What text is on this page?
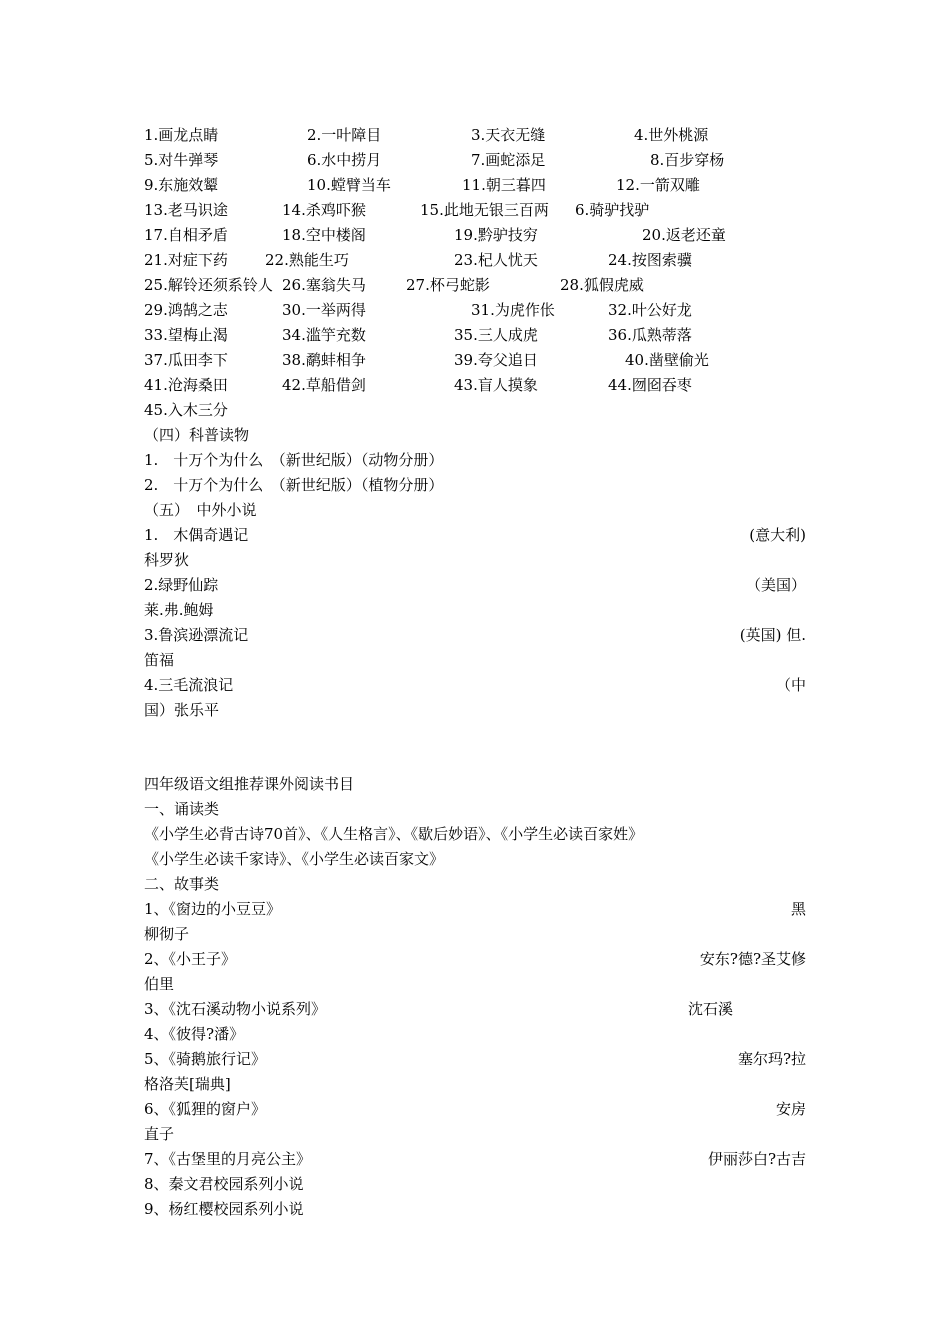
1.画龙点睛	2.一叶障目	3.天衣无缝	4.世外桃源
5.对牛弹琴	6.水中捞月	7.画蛇添足	8.百步穿杨
9.东施效颦	10.螳臂当车	11.朝三暮四	12.一箭双雕
13.老马识途	14.杀鸡吓猴	15.此地无银三百两 6.骑驴找驴
17.自相矛盾	18.空中楼阁	19.黔驴技穷	20.返老还童
21.对症下药 22.熟能生巧	23.杞人忧天	24.按图索骥
25.解铃还须系铃人 26.塞翁失马	27.杯弓蛇影	28.狐假虎威
29.鸿鹄之志	30.一举两得	31.为虎作伥	32.叶公好龙
33.望梅止渴	34.滥竽充数	35.三人成虎	36.瓜熟蒂落
37.瓜田李下	38.鹬蚌相争	39.夸父追日	40.凿壁偷光
41.沧海桑田	42.草船借剑	43.盲人摸象	44.囫囵吞枣
45.入木三分
（四）科普读物
1.　十万个为什么　（新世纪版）（动物分册）
2.　十万个为什么　（新世纪版）（植物分册）
（五）　中外小说
1.　木偶奇遇记	(意大利)
科罗狄
2.绿野仙踪	（美国）
莱.弗.鲍姆
3.鲁滨逊漂流记	(英国) 但.
笛福
4.三毛流浪记	（中
国）张乐平
四年级语文组推荐课外阅读书目
一、诵读类
《小学生必背古诗70首》、《人生格言》、《歇后妙语》、《小学生必读百家姓》
《小学生必读千家诗》、《小学生必读百家文》
二、故事类
1、《窗边的小豆豆》	黑
柳彻子
2、《小王子》	安东?德?圣艾修
伯里
3、《沈石溪动物小说系列》	沈石溪
4、《彼得?潘》
5、《骑鹅旅行记》	塞尔玛?拉
格洛芙[瑞典]
6、《狐狸的窗户》	安房
直子
7、《古堡里的月亮公主》	伊丽莎白?古吉
8、秦文君校园系列小说
9、杨红樱校园系列小说
